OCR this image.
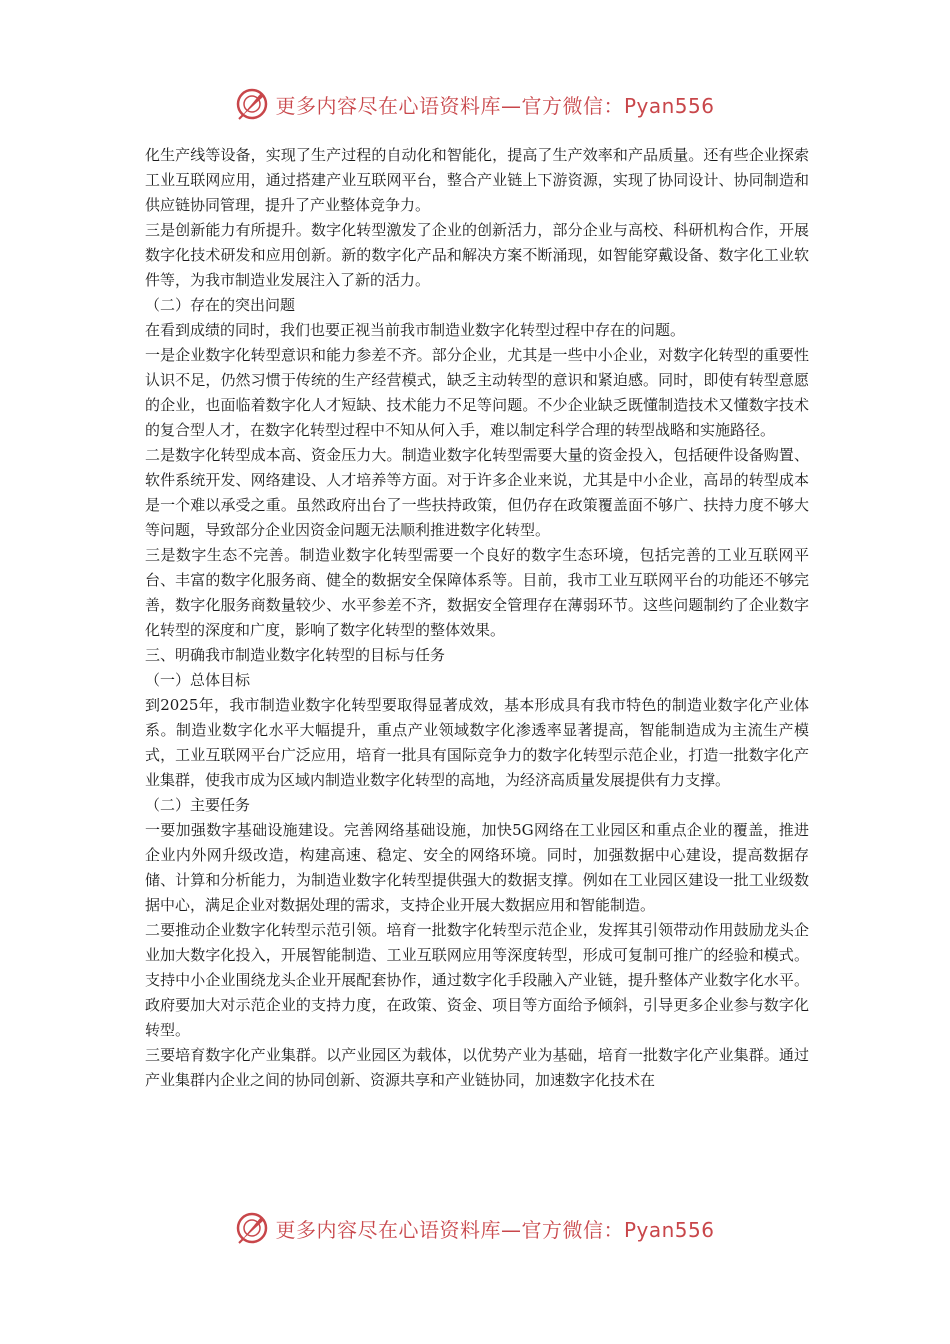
更多内容尽在心语资料库—官方微信：Pyan556

化生产线等设备，实现了生产过程的自动化和智能化，提高了生产效率和产品质量。还有些企业探索工业互联网应用，通过搭建产业互联网平台，整合产业链上下游资源，实现了协同设计、协同制造和供应链协同管理，提升了产业整体竞争力。

三是创新能力有所提升。数字化转型激发了企业的创新活力，部分企业与高校、科研机构合作，开展数字化技术研发和应用创新。新的数字化产品和解决方案不断涌现，如智能穿戴设备、数字化工业软件等，为我市制造业发展注入了新的活力。

（二）存在的突出问题

在看到成绩的同时，我们也要正视当前我市制造业数字化转型过程中存在的问题。

一是企业数字化转型意识和能力参差不齐。部分企业，尤其是一些中小企业，对数字化转型的重要性认识不足，仍然习惯于传统的生产经营模式，缺乏主动转型的意识和紧迫感。同时，即使有转型意愿的企业，也面临着数字化人才短缺、技术能力不足等问题。不少企业缺乏既懂制造技术又懂数字技术的复合型人才，在数字化转型过程中不知从何入手，难以制定科学合理的转型战略和实施路径。

二是数字化转型成本高、资金压力大。制造业数字化转型需要大量的资金投入，包括硬件设备购置、软件系统开发、网络建设、人才培养等方面。对于许多企业来说，尤其是中小企业，高昂的转型成本是一个难以承受之重。虽然政府出台了一些扶持政策，但仍存在政策覆盖面不够广、扶持力度不够大等问题，导致部分企业因资金问题无法顺利推进数字化转型。

三是数字生态不完善。制造业数字化转型需要一个良好的数字生态环境，包括完善的工业互联网平台、丰富的数字化服务商、健全的数据安全保障体系等。目前，我市工业互联网平台的功能还不够完善，数字化服务商数量较少、水平参差不齐，数据安全管理存在薄弱环节。这些问题制约了企业数字化转型的深度和广度，影响了数字化转型的整体效果。

三、明确我市制造业数字化转型的目标与任务

（一）总体目标

到2025年，我市制造业数字化转型要取得显著成效，基本形成具有我市特色的制造业数字化产业体系。制造业数字化水平大幅提升，重点产业领域数字化渗透率显著提高，智能制造成为主流生产模式，工业互联网平台广泛应用，培育一批具有国际竞争力的数字化转型示范企业，打造一批数字化产业集群，使我市成为区域内制造业数字化转型的高地，为经济高质量发展提供有力支撑。

（二）主要任务

一要加强数字基础设施建设。完善网络基础设施，加快5G网络在工业园区和重点企业的覆盖，推进企业内外网升级改造，构建高速、稳定、安全的网络环境。同时，加强数据中心建设，提高数据存储、计算和分析能力，为制造业数字化转型提供强大的数据支撑。例如在工业园区建设一批工业级数据中心，满足企业对数据处理的需求，支持企业开展大数据应用和智能制造。

二要推动企业数字化转型示范引领。培育一批数字化转型示范企业，发挥其引领带动作用鼓励龙头企业加大数字化投入，开展智能制造、工业互联网应用等深度转型，形成可复制可推广的经验和模式。支持中小企业围绕龙头企业开展配套协作，通过数字化手段融入产业链，提升整体产业数字化水平。政府要加大对示范企业的支持力度，在政策、资金、项目等方面给予倾斜，引导更多企业参与数字化转型。

三要培育数字化产业集群。以产业园区为载体，以优势产业为基础，培育一批数字化产业集群。通过产业集群内企业之间的协同创新、资源共享和产业链协同，加速数字化技术在

更多内容尽在心语资料库—官方微信：Pyan556
